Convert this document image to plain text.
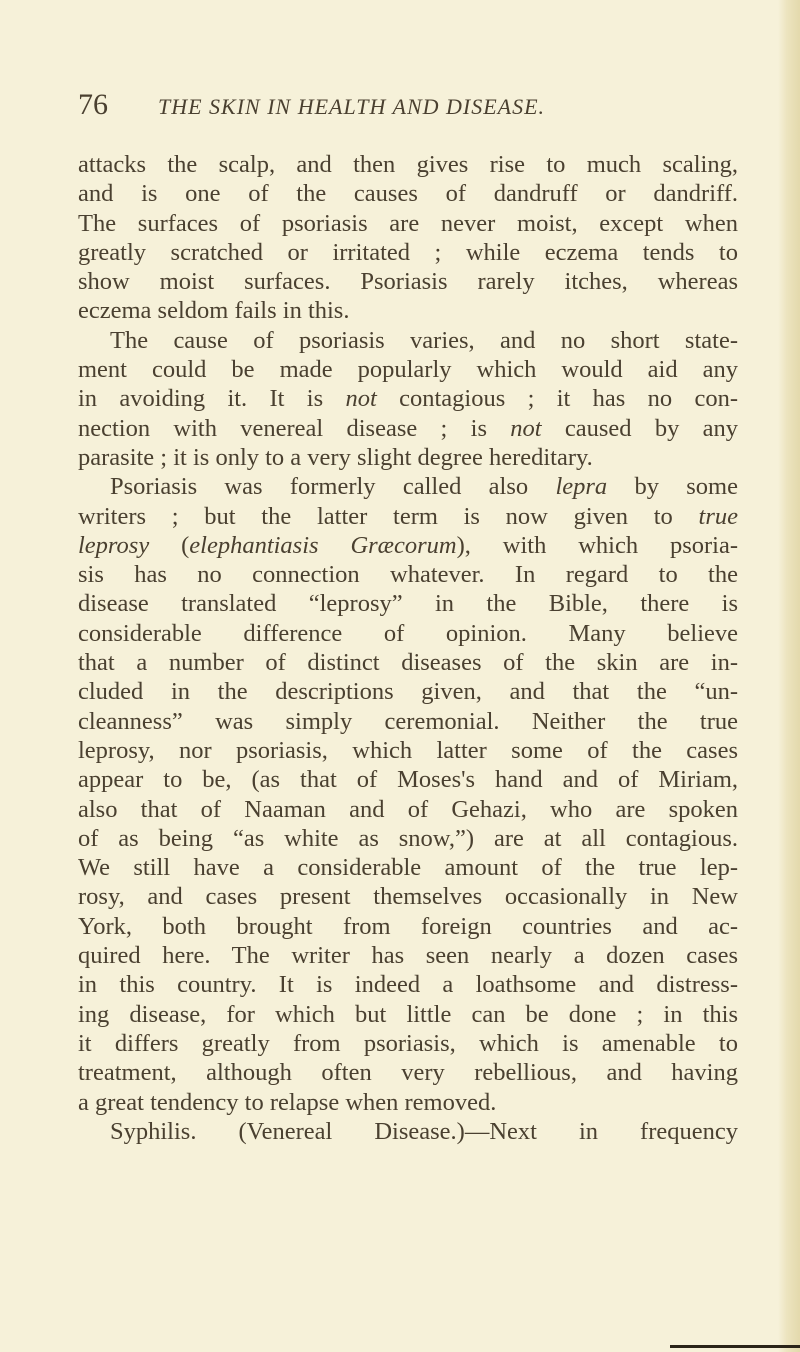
76 THE SKIN IN HEALTH AND DISEASE.
attacks the scalp, and then gives rise to much scaling,
and is one of the causes of dandruff or dandriff.
The surfaces of psoriasis are never moist, except when
greatly scratched or irritated ; while eczema tends to
show moist surfaces. Psoriasis rarely itches, whereas
eczema seldom fails in this.
The cause of psoriasis varies, and no short state-
ment could be made popularly which would aid any
in avoiding it. It is not contagious ; it has no con-
nection with venereal disease ; is not caused by any
parasite ; it is only to a very slight degree hereditary.
Psoriasis was formerly called also lepra by some
writers ; but the latter term is now given to true
leprosy (elephantiasis Græcorum), with which psoria-
sis has no connection whatever. In regard to the
disease translated “leprosy” in the Bible, there is
considerable difference of opinion. Many believe
that a number of distinct diseases of the skin are in-
cluded in the descriptions given, and that the “un-
cleanness” was simply ceremonial. Neither the true
leprosy, nor psoriasis, which latter some of the cases
appear to be, (as that of Moses's hand and of Miriam,
also that of Naaman and of Gehazi, who are spoken
of as being “as white as snow,”) are at all contagious.
We still have a considerable amount of the true lep-
rosy, and cases present themselves occasionally in New
York, both brought from foreign countries and ac-
quired here. The writer has seen nearly a dozen cases
in this country. It is indeed a loathsome and distress-
ing disease, for which but little can be done ; in this
it differs greatly from psoriasis, which is amenable to
treatment, although often very rebellious, and having
a great tendency to relapse when removed.
Syphilis. (Venereal Disease.)—Next in frequency
